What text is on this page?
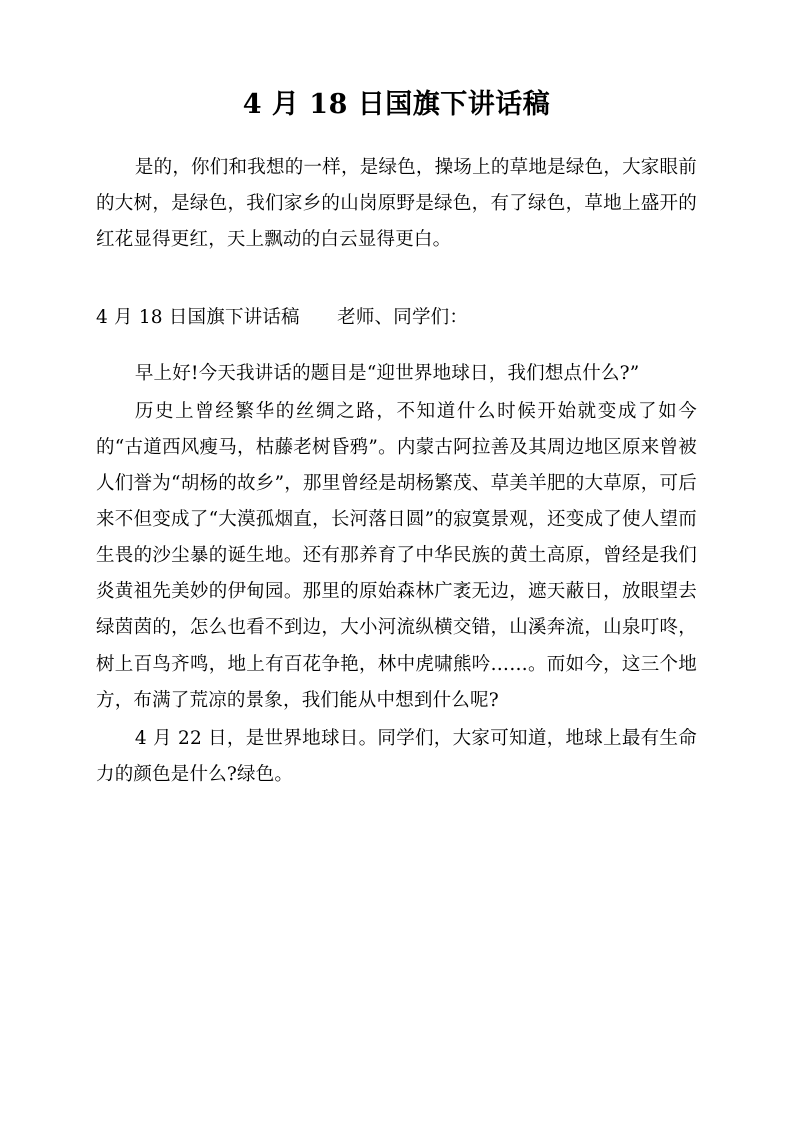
4 月 18 日国旗下讲话稿

是的，你们和我想的一样，是绿色，操场上的草地是绿色，大家眼前的大树，是绿色，我们家乡的山岗原野是绿色，有了绿色，草地上盛开的红花显得更红，天上飘动的白云显得更白。

4 月 18 日国旗下讲话稿　　老师、同学们：

早上好!今天我讲话的题目是“迎世界地球日，我们想点什么?”

历史上曾经繁华的丝绸之路，不知道什么时候开始就变成了如今的“古道西风瘦马，枯藤老树昏鸦”。内蒙古阿拉善及其周边地区原来曾被人们誉为“胡杨的故乡”，那里曾经是胡杨繁茂、草美羊肥的大草原，可后来不但变成了“大漠孤烟直，长河落日圆”的寂寞景观，还变成了使人望而生畏的沙尘暴的诞生地。还有那养育了中华民族的黄土高原，曾经是我们炎黄祖先美妙的伊甸园。那里的原始森林广袤无边，遮天蔽日，放眼望去绿茵茵的，怎么也看不到边，大小河流纵横交错，山溪奔流，山泉叮咚，树上百鸟齐鸣，地上有百花争艳，林中虎啸熊吟……。而如今，这三个地方，布满了荒凉的景象，我们能从中想到什么呢?

4 月 22 日，是世界地球日。同学们，大家可知道，地球上最有生命力的颜色是什么?绿色。
